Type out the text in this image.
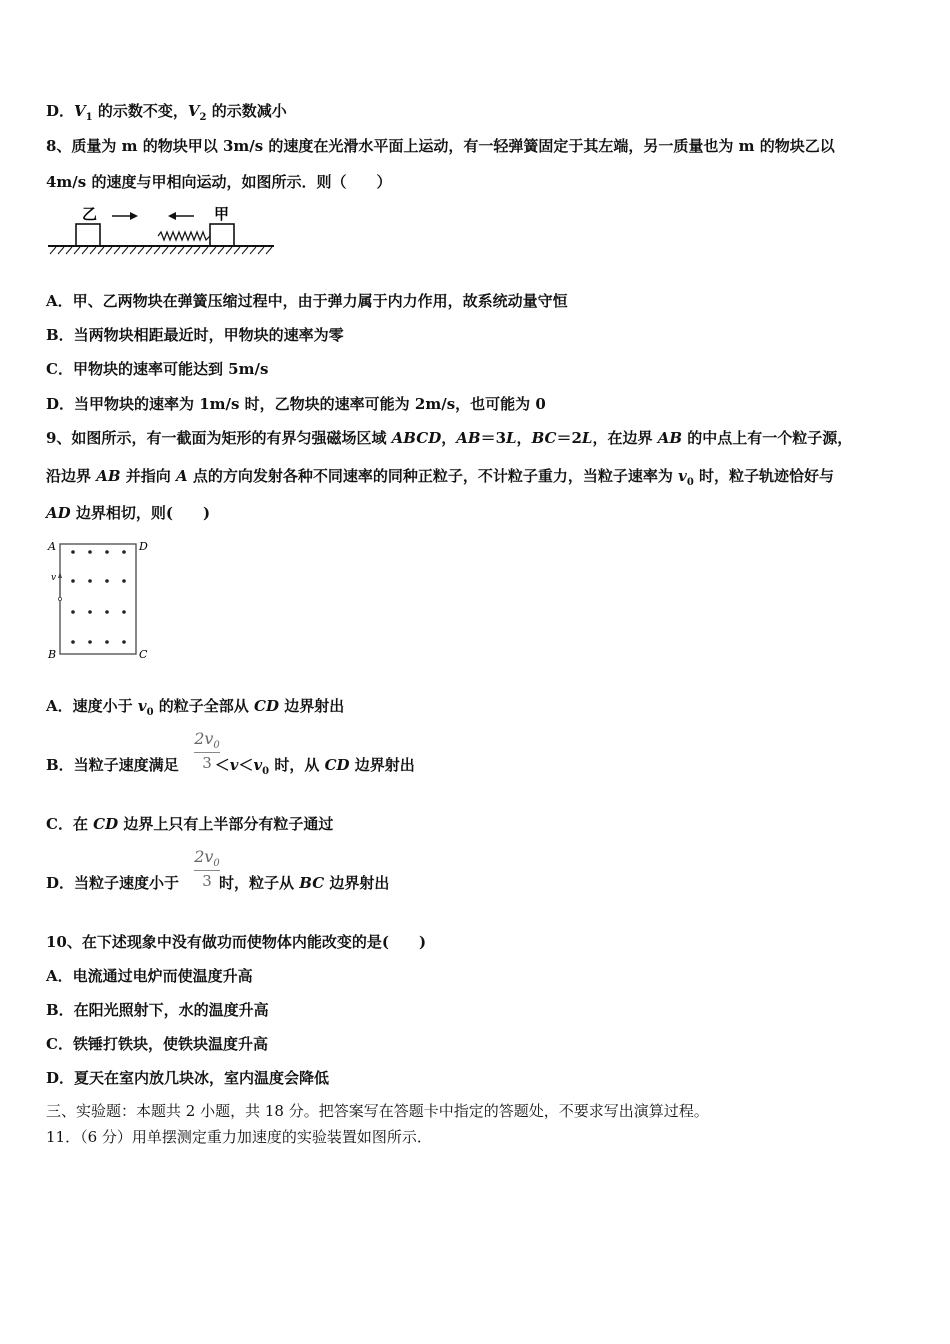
D．$V_1$ 的示数不变，$V_2$ 的示数减小
8、质量为 m 的物块甲以 3m/s 的速度在光滑水平面上运动，有一轻弹簧固定于其左端，另一质量也为 m 的物块乙以
4m/s 的速度与甲相向运动，如图所示．则（　　）
乙	甲
A．甲、乙两物块在弹簧压缩过程中，由于弹力属于内力作用，故系统动量守恒
B．当两物块相距最近时，甲物块的速率为零
C．甲物块的速率可能达到 5m/s
D．当甲物块的速率为 1m/s 时，乙物块的速率可能为 2m/s，也可能为 0
9、如图所示，有一截面为矩形的有界匀强磁场区域 ABCD，AB＝3L，BC＝2L，在边界 AB 的中点上有一个粒子源，
沿边界 AB 并指向 A 点的方向发射各种不同速率的同种正粒子，不计粒子重力，当粒子速率为 $v_0$ 时，粒子轨迹恰好与
AD 边界相切，则(　　)
A	D
B	C
v
A．速度小于 $v_0$ 的粒子全部从 CD 边界射出
$2v_0$
3
B．当粒子速度满足 $<v<v_0$ 时，从 CD 边界射出
C．在 CD 边界上只有上半部分有粒子通过
$2v_0$
3
D．当粒子速度小于	时，粒子从 BC 边界射出
10、在下述现象中没有做功而使物体内能改变的是(　　)
A．电流通过电炉而使温度升高
B．在阳光照射下，水的温度升高
C．铁锤打铁块，使铁块温度升高
D．夏天在室内放几块冰，室内温度会降低
三、实验题：本题共 2 小题，共 18 分。把答案写在答题卡中指定的答题处，不要求写出演算过程。
11．（6 分）用单摆测定重力加速度的实验装置如图所示．
